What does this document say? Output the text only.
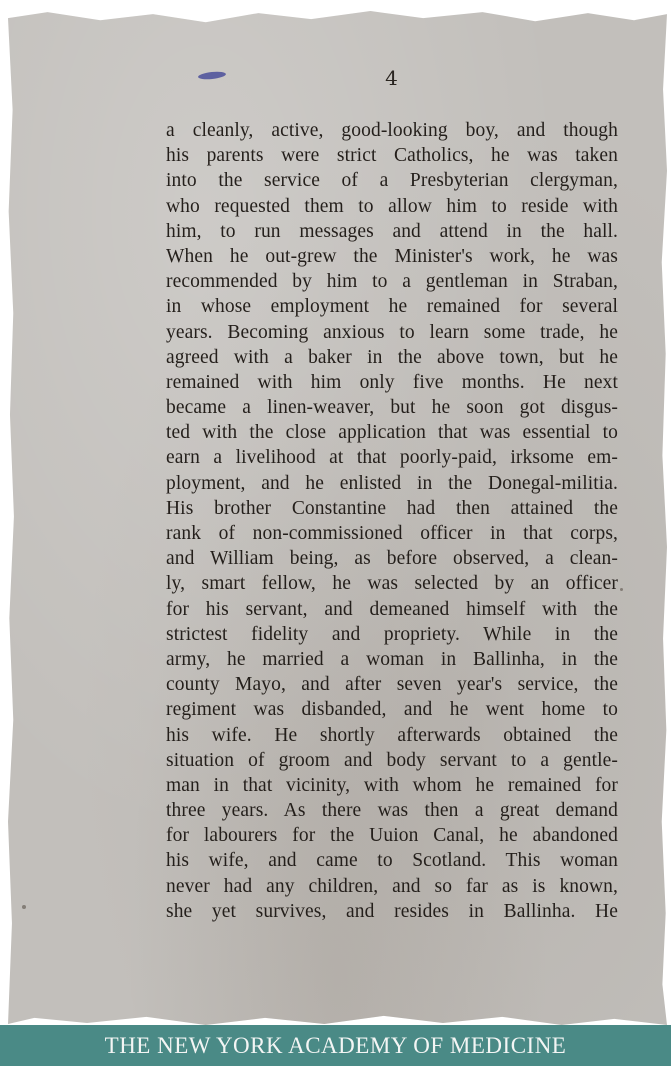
4
a cleanly, active, good-looking boy, and though
his parents were strict Catholics, he was taken
into the service of a Presbyterian clergyman,
who requested them to allow him to reside with
him, to run messages and attend in the hall.
When he out-grew the Minister's work, he was
recommended by him to a gentleman in Straban,
in whose employment he remained for several
years. Becoming anxious to learn some trade, he
agreed with a baker in the above town, but he
remained with him only five months. He next
became a linen-weaver, but he soon got disgus-
ted with the close application that was essential to
earn a livelihood at that poorly-paid, irksome em-
ployment, and he enlisted in the Donegal-militia.
His brother Constantine had then attained the
rank of non-commissioned officer in that corps,
and William being, as before observed, a clean-
ly, smart fellow, he was selected by an officer
for his servant, and demeaned himself with the
strictest fidelity and propriety. While in the
army, he married a woman in Ballinha, in the
county Mayo, and after seven year's service, the
regiment was disbanded, and he went home to
his wife. He shortly afterwards obtained the
situation of groom and body servant to a gentle-
man in that vicinity, with whom he remained for
three years. As there was then a great demand
for labourers for the Uuion Canal, he abandoned
his wife, and came to Scotland. This woman
never had any children, and so far as is known,
she yet survives, and resides in Ballinha. He
THE NEW YORK ACADEMY OF MEDICINE
